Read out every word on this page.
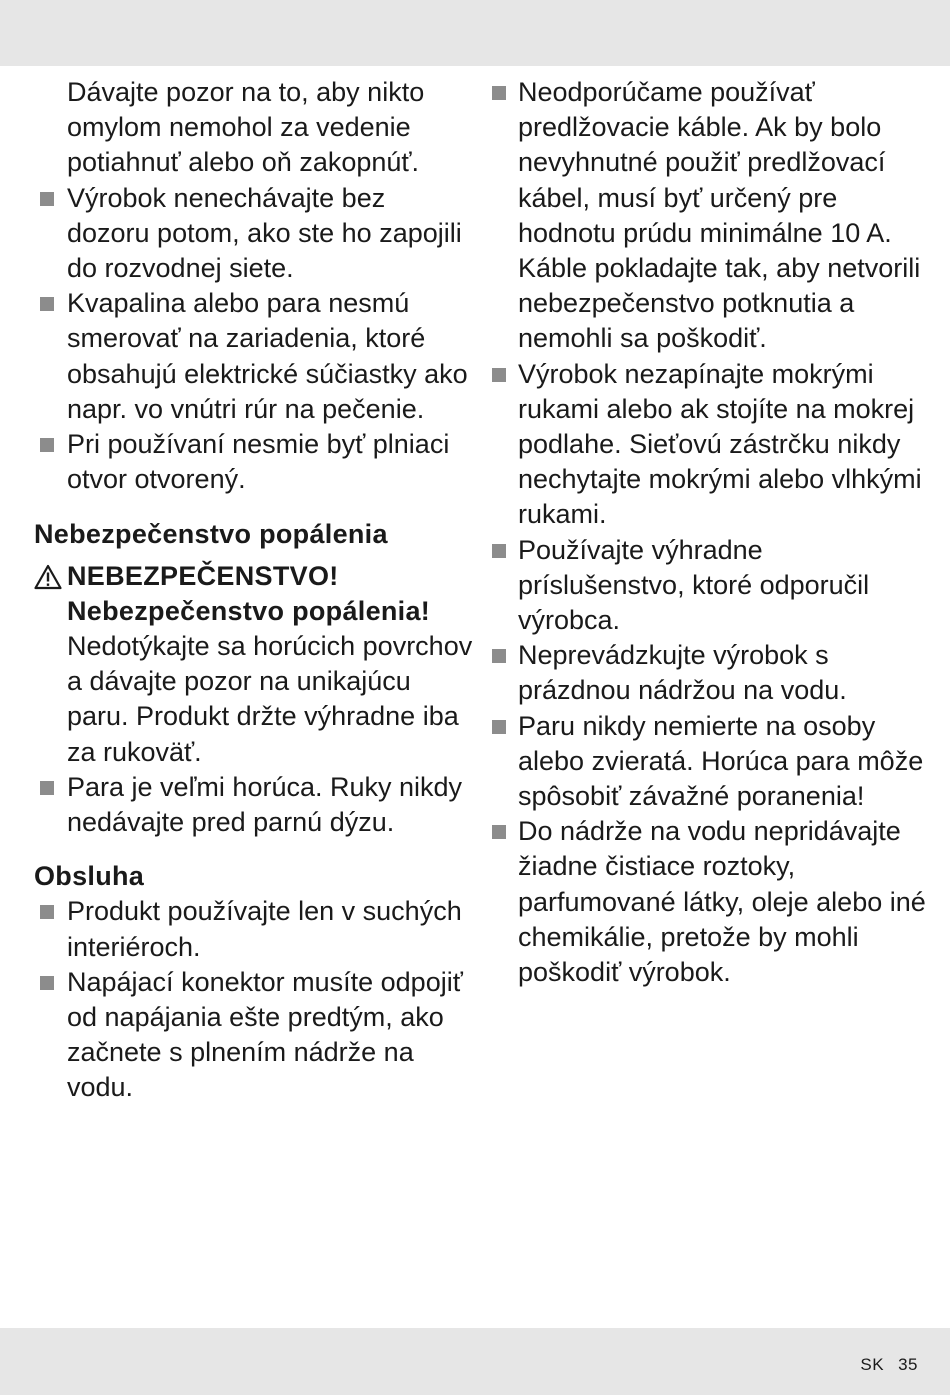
Dávajte pozor na to, aby nikto omylom nemohol za vedenie potiahnuť alebo oň zakopnúť.
Výrobok nenechávajte bez dozoru potom, ako ste ho zapojili do rozvodnej siete.
Kvapalina alebo para nesmú smerovať na zariadenia, ktoré obsahujú elektrické súčiastky ako napr. vo vnútri rúr na pečenie.
Pri používaní nesmie byť plniaci otvor otvorený.
Nebezpečenstvo popálenia
NEBEZPEČENSTVO!
Nebezpečenstvo popálenia! Nedotýkajte sa horúcich povrchov a dávajte pozor na unikajúcu paru. Produkt držte výhradne iba za rukoväť.
Para je veľmi horúca. Ruky nikdy nedávajte pred parnú dýzu.
Obsluha
Produkt používajte len v suchých interiéroch.
Napájací konektor musíte odpojiť od napájania ešte predtým, ako začnete s plnením nádrže na vodu.
Neodporúčame používať predlžovacie káble. Ak by bolo nevyhnutné použiť predlžovací kábel, musí byť určený pre hodnotu prúdu minimálne 10 A. Káble pokladajte tak, aby netvorili nebezpečenstvo potknutia a nemohli sa poškodiť.
Výrobok nezapínajte mokrými rukami alebo ak stojíte na mokrej podlahe. Sieťovú zástrčku nikdy nechytajte mokrými alebo vlhkými rukami.
Používajte výhradne príslušenstvo, ktoré odporučil výrobca.
Neprevádzkujte výrobok s prázdnou nádržou na vodu.
Paru nikdy nemierte na osoby alebo zvieratá. Horúca para môže spôsobiť závažné poranenia!
Do nádrže na vodu nepridávajte žiadne čistiace roztoky, parfumované látky, oleje alebo iné chemikálie, pretože by mohli poškodiť výrobok.
SK 35
